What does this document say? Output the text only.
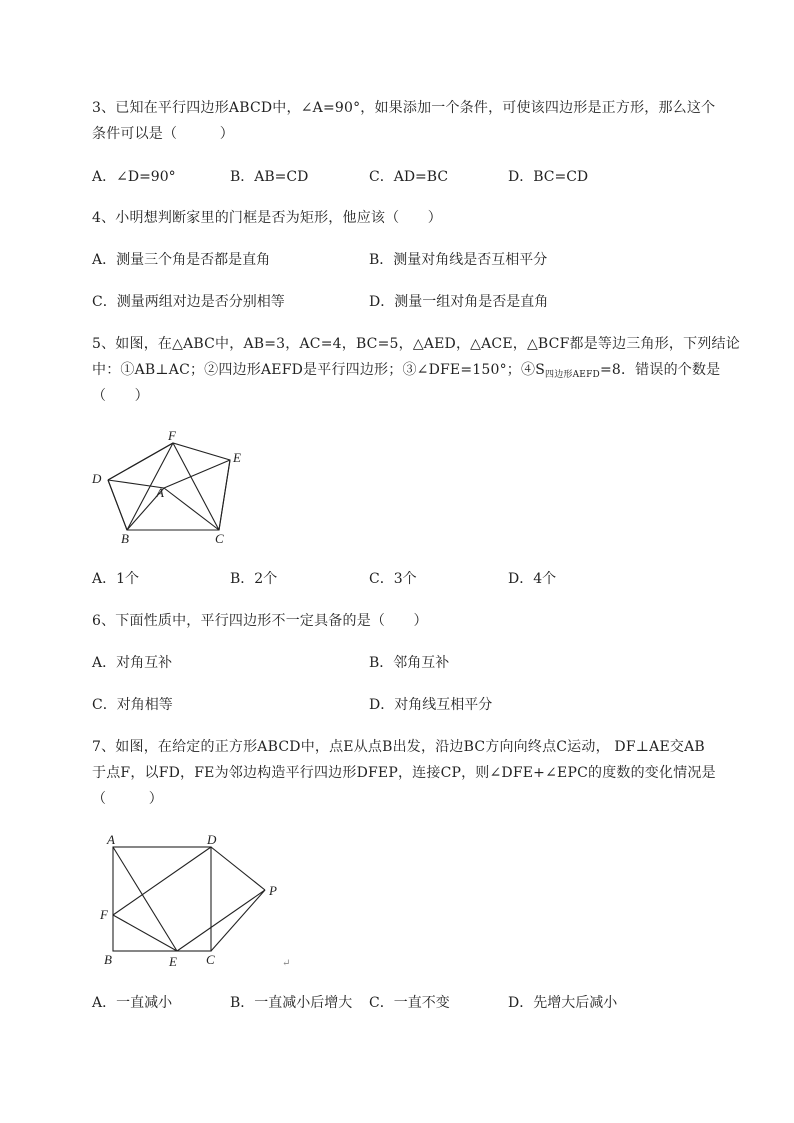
3、已知在平行四边形ABCD中，∠A=90°，如果添加一个条件，可使该四边形是正方形，那么这个
条件可以是（　　　）
A．∠D=90°	B．AB=CD	C．AD=BC	D．BC=CD
4、小明想判断家里的门框是否为矩形，他应该（　　）
A．测量三个角是否都是直角	B．测量对角线是否互相平分
C．测量两组对边是否分别相等	D．测量一组对角是否是直角
5、如图，在△ABC中，AB=3，AC=4，BC=5，△AED，△ACE，△BCF都是等边三角形，下列结论
中：①AB⊥AC；②四边形AEFD是平行四边形；③∠DFE=150°；$④S_{四边形AEFD}=8$．错误的个数是
（　　）
F
E
D
A
B	C
A．1个	B．2个	C．3个	D．4个
6、下面性质中，平行四边形不一定具备的是（　　）
A．对角互补	B．邻角互补
C．对角相等	D．对角线互相平分
7、如图，在给定的正方形ABCD中，点E从点B出发，沿边BC方向向终点C运动， DF⊥AE交AB
于点F，以FD，FE为邻边构造平行四边形DFEP，连接CP，则∠DFE+∠EPC的度数的变化情况是
（　　　）
A	D
P
F
B	E C	↵
A．一直减小	B．一直减小后增大 C．一直不变	D．先增大后减小
